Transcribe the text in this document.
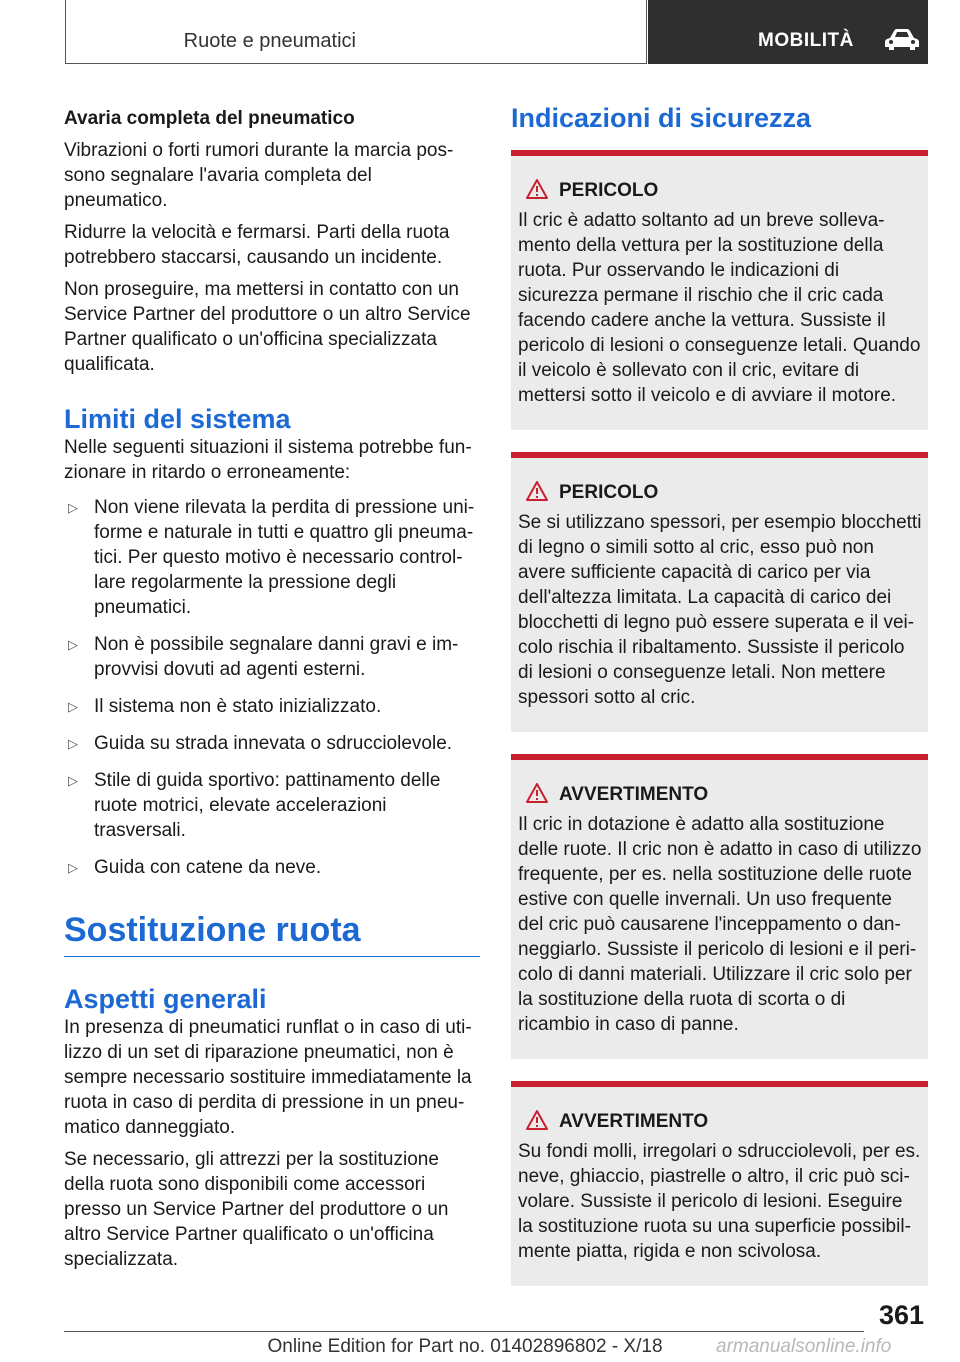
Ruote e pneumatici	MOBILITÀ
Avaria completa del pneumatico

Vibrazioni o forti rumori durante la marcia possono segnalare l'avaria completa del pneumatico.

Ridurre la velocità e fermarsi. Parti della ruota potrebbero staccarsi, causando un incidente.

Non proseguire, ma mettersi in contatto con un Service Partner del produttore o un altro Service Partner qualificato o un'officina specializzata qualificata.

Limiti del sistema

Nelle seguenti situazioni il sistema potrebbe funzionare in ritardo o erroneamente:

▷ Non viene rilevata la perdita di pressione uniforme e naturale in tutti e quattro gli pneumatici. Per questo motivo è necessario controllare regolarmente la pressione degli pneumatici.
▷ Non è possibile segnalare danni gravi e improvvisi dovuti ad agenti esterni.
▷ Il sistema non è stato inizializzato.
▷ Guida su strada innevata o sdrucciolevole.
▷ Stile di guida sportivo: pattinamento delle ruote motrici, elevate accelerazioni trasversali.
▷ Guida con catene da neve.
Sostituzione ruota
Aspetti generali

In presenza di pneumatici runflat o in caso di utilizzo di un set di riparazione pneumatici, non è sempre necessario sostituire immediatamente la ruota in caso di perdita di pressione in un pneumatico danneggiato.

Se necessario, gli attrezzi per la sostituzione della ruota sono disponibili come accessori presso un Service Partner del produttore o un altro Service Partner qualificato o un'officina specializzata.

Indicazioni di sicurezza
PERICOLO

Il cric è adatto soltanto ad un breve sollevamento della vettura per la sostituzione della ruota. Pur osservando le indicazioni di sicurezza permane il rischio che il cric cada facendo cadere anche la vettura. Sussiste il pericolo di lesioni o conseguenze letali. Quando il veicolo è sollevato con il cric, evitare di mettersi sotto il veicolo e di avviare il motore.

PERICOLO

Se si utilizzano spessori, per esempio blocchetti di legno o simili sotto al cric, esso può non avere sufficiente capacità di carico per via dell'altezza limitata. La capacità di carico dei blocchetti di legno può essere superata e il veicolo rischia il ribaltamento. Sussiste il pericolo di lesioni o conseguenze letali. Non mettere spessori sotto al cric.

AVVERTIMENTO

Il cric in dotazione è adatto alla sostituzione delle ruote. Il cric non è adatto in caso di utilizzo frequente, per es. nella sostituzione delle ruote estive con quelle invernali. Un uso frequente del cric può causarene l'inceppamento o danneggiarlo. Sussiste il pericolo di lesioni e il pericolo di danni materiali. Utilizzare il cric solo per la sostituzione della ruota di scorta o di ricambio in caso di panne.

AVVERTIMENTO

Su fondi molli, irregolari o sdrucciolevoli, per es. neve, ghiaccio, piastrelle o altro, il cric può scivolare. Sussiste il pericolo di lesioni. Eseguire la sostituzione ruota su una superficie possibilmente piatta, rigida e non scivolosa.

361
Online Edition for Part no. 01402896802 - X/18	armanualsonline.info
